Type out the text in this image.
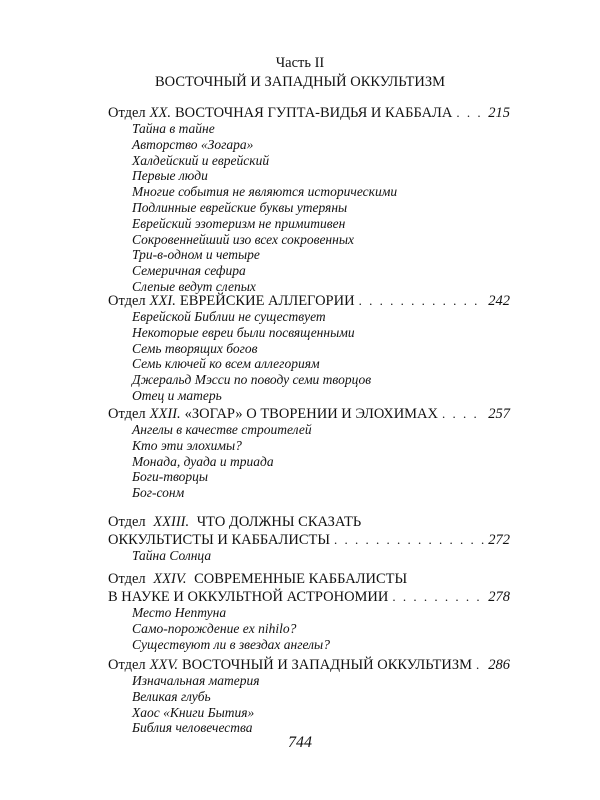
Часть II
ВОСТОЧНЫЙ И ЗАПАДНЫЙ ОККУЛЬТИЗМ
Отдел XX. ВОСТОЧНАЯ ГУПТА-ВИДЬЯ И КАББАЛА . . . 215
Тайна в тайне
Авторство «Зогара»
Халдейский и еврейский
Первые люди
Многие события не являются историческими
Подлинные еврейские буквы утеряны
Еврейский эзотеризм не примитивен
Сокровеннейший изо всех сокровенных
Три-в-одном и четыре
Семеричная сефира
Слепые ведут слепых
Отдел XXI. ЕВРЕЙСКИЕ АЛЛЕГОРИИ . . .	242
Еврейской Библии не существует
Некоторые евреи были посвященными
Семь творящих богов
Семь ключей ко всем аллегориям
Джеральд Мэсси по поводу семи творцов
Отец и матерь
Отдел XXII. «ЗОГАР» О ТВОРЕНИИ И ЭЛОХИМАХ . . .	257
Ангелы в качестве строителей
Кто эти элохимы?
Монада, дуада и триада
Боги-творцы
Бог-сонм
Отдел XXIII. ЧТО ДОЛЖНЫ СКАЗАТЬ
ОККУЛЬТИСТЫ И КАББАЛИСТЫ . . .	272
Тайна Солнца
Отдел XXIV. СОВРЕМЕННЫЕ КАББАЛИСТЫ
В НАУКЕ И ОККУЛЬТНОЙ АСТРОНОМИИ . . .	278
Место Нептуна
Само-порождение ex nihilo?
Существуют ли в звездах ангелы?
Отдел XXV. ВОСТОЧНЫЙ И ЗАПАДНЫЙ ОККУЛЬТИЗМ . . . 286
Изначальная материя
Великая глубь
Хаос «Книги Бытия»
Библия человечества
744
